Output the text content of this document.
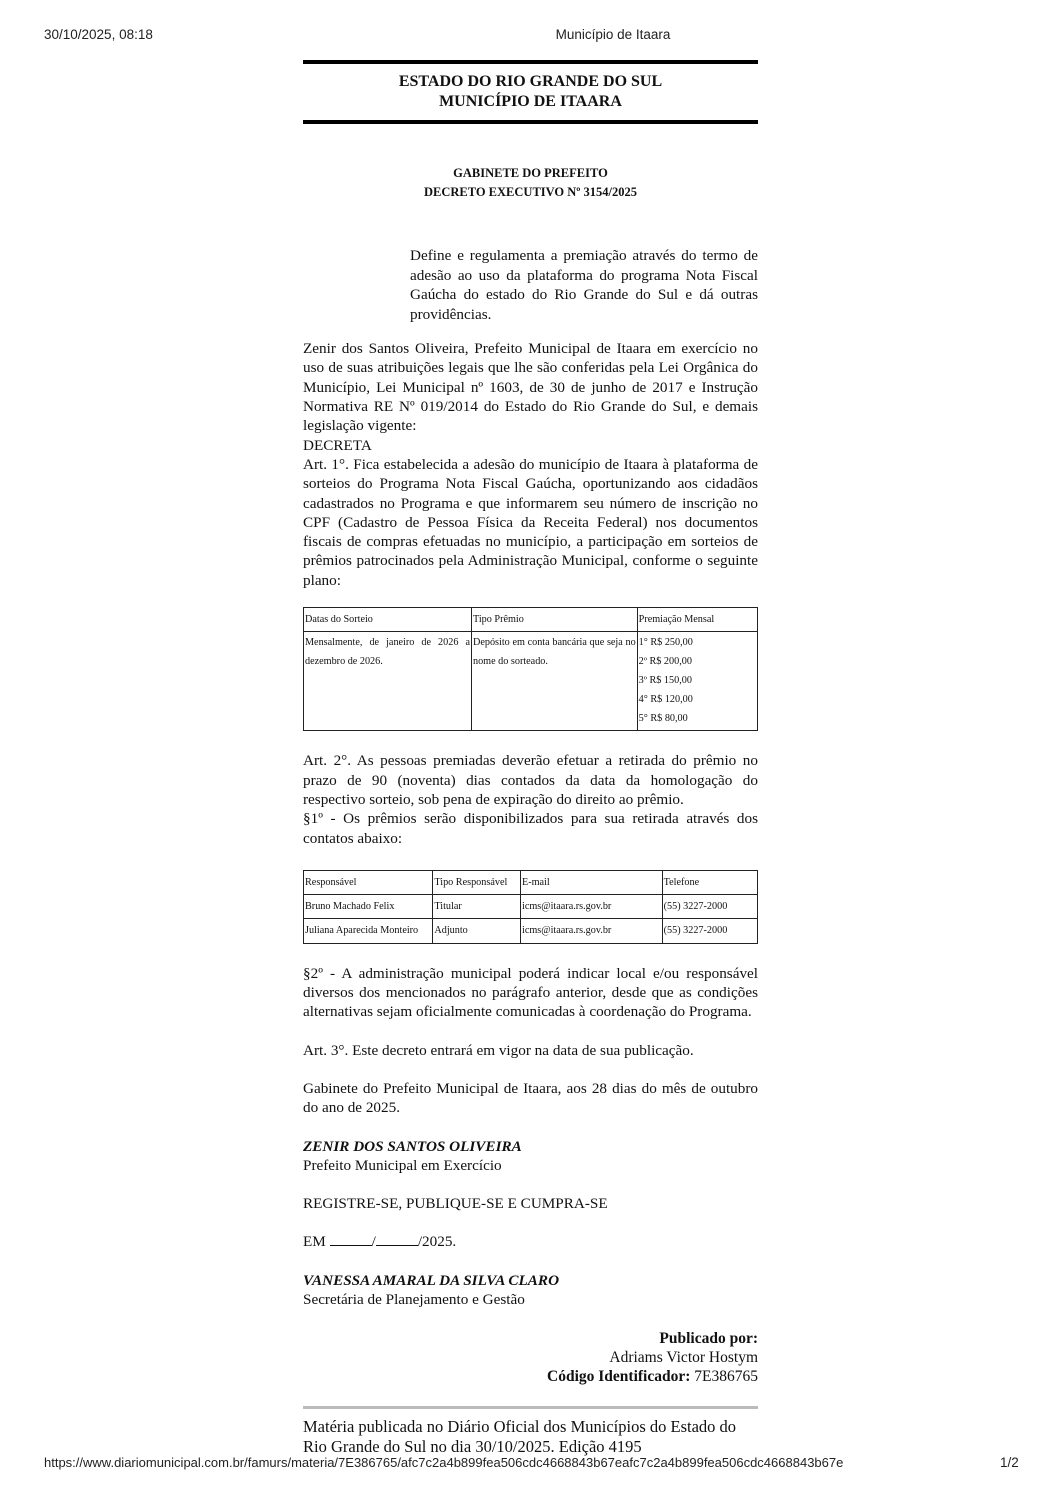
30/10/2025, 08:18	Município de Itaara
ESTADO DO RIO GRANDE DO SUL
MUNICÍPIO DE ITAARA
GABINETE DO PREFEITO
DECRETO EXECUTIVO Nº 3154/2025

Define e regulamenta a premiação através do termo de adesão ao uso da plataforma do programa Nota Fiscal Gaúcha do estado do Rio Grande do Sul e dá outras providências.

Zenir dos Santos Oliveira, Prefeito Municipal de Itaara em exercício no uso de suas atribuições legais que lhe são conferidas pela Lei Orgânica do Município, Lei Municipal nº 1603, de 30 de junho de 2017 e Instrução Normativa RE Nº 019/2014 do Estado do Rio Grande do Sul, e demais legislação vigente:

DECRETA

Art. 1°. Fica estabelecida a adesão do município de Itaara à plataforma de sorteios do Programa Nota Fiscal Gaúcha, oportunizando aos cidadãos cadastrados no Programa e que informarem seu número de inscrição no CPF (Cadastro de Pessoa Física da Receita Federal) nos documentos fiscais de compras efetuadas no município, a participação em sorteios de prêmios patrocinados pela Administração Municipal, conforme o seguinte plano:

Datas do Sorteio	Tipo Prêmio	Premiação Mensal
Mensalmente, de janeiro de 2026 a dezembro de 2026.	Depósito em conta bancária que seja no nome do sorteado.	1° R$ 250,00
2º R$ 200,00
3º R$ 150,00
4° R$ 120,00
5° R$ 80,00

Art. 2°. As pessoas premiadas deverão efetuar a retirada do prêmio no prazo de 90 (noventa) dias contados da data da homologação do respectivo sorteio, sob pena de expiração do direito ao prêmio.

§1º - Os prêmios serão disponibilizados para sua retirada através dos contatos abaixo:

Responsável	Tipo Responsável	E-mail	Telefone
Bruno Machado Felix	Titular	icms@itaara.rs.gov.br	(55) 3227-2000
Juliana Aparecida Monteiro	Adjunto	icms@itaara.rs.gov.br	(55) 3227-2000

§2º - A administração municipal poderá indicar local e/ou responsável diversos dos mencionados no parágrafo anterior, desde que as condições alternativas sejam oficialmente comunicadas à coordenação do Programa.

Art. 3°. Este decreto entrará em vigor na data de sua publicação.

Gabinete do Prefeito Municipal de Itaara, aos 28 dias do mês de outubro do ano de 2025.

ZENIR DOS SANTOS OLIVEIRA

Prefeito Municipal em Exercício

REGISTRE-SE, PUBLIQUE-SE E CUMPRA-SE

EM	/	/2025.

VANESSA AMARAL DA SILVA CLARO

Secretária de Planejamento e Gestão

Publicado por:
Adriams Victor Hostym
Código Identificador: 7E386765

Matéria publicada no Diário Oficial dos Municípios do Estado do Rio Grande do Sul no dia 30/10/2025. Edição 4195

https://www.diariomunicipal.com.br/famurs/materia/7E386765/afc7c2a4b899fea506cdc4668843b67eafc7c2a4b899fea506cdc4668843b67e	1/2
